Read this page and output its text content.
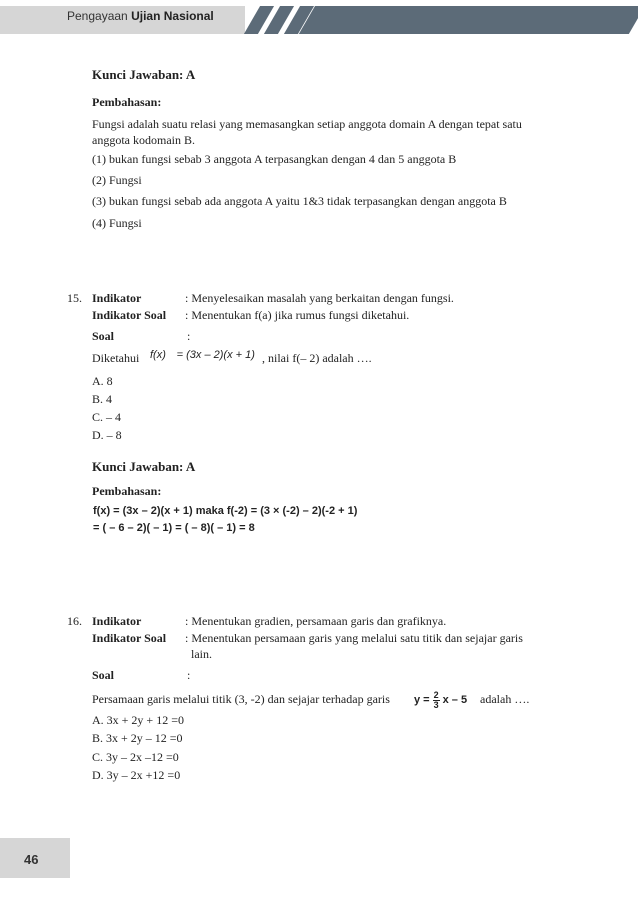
Pengayaan Ujian Nasional
Kunci Jawaban: A
Pembahasan:
Fungsi adalah suatu relasi yang memasangkan setiap anggota domain A dengan tepat satu
anggota kodomain B.
(1) bukan fungsi sebab 3 anggota A terpasangkan dengan 4 dan 5 anggota B
(2) Fungsi
(3) bukan fungsi sebab ada anggota A yaitu 1&3 tidak terpasangkan dengan anggota B
(4) Fungsi
15. Indikator	: Menyelesaikan masalah yang berkaitan dengan fungsi.
Indikator Soal : Menentukan f(a) jika rumus fungsi diketahui.
Soal	:
Diketahui f(x) = (3x – 2)(x + 1) , nilai f(– 2) adalah ….
A. 8
B. 4
C. – 4
D. – 8
Kunci Jawaban: A
Pembahasan:
f(x) = (3x – 2)(x + 1) maka f(-2) = (3 × (-2) – 2)(-2 + 1)
= ( – 6 – 2)( – 1) = ( – 8)( – 1) = 8
16. Indikator	: Menentukan gradien, persamaan garis dan grafiknya.
Indikator Soal : Menentukan persamaan garis yang melalui satu titik dan sejajar garis
lain.
Soal	:
Persamaan garis melalui titik (3, -2) dan sejajar terhadap garis $y = \frac{2}{3}$ x – 5 adalah ….
A. 3x + 2y + 12 =0
B. 3x + 2y – 12 =0
C. 3y – 2x –12 =0
D. 3y – 2x +12 =0
46
